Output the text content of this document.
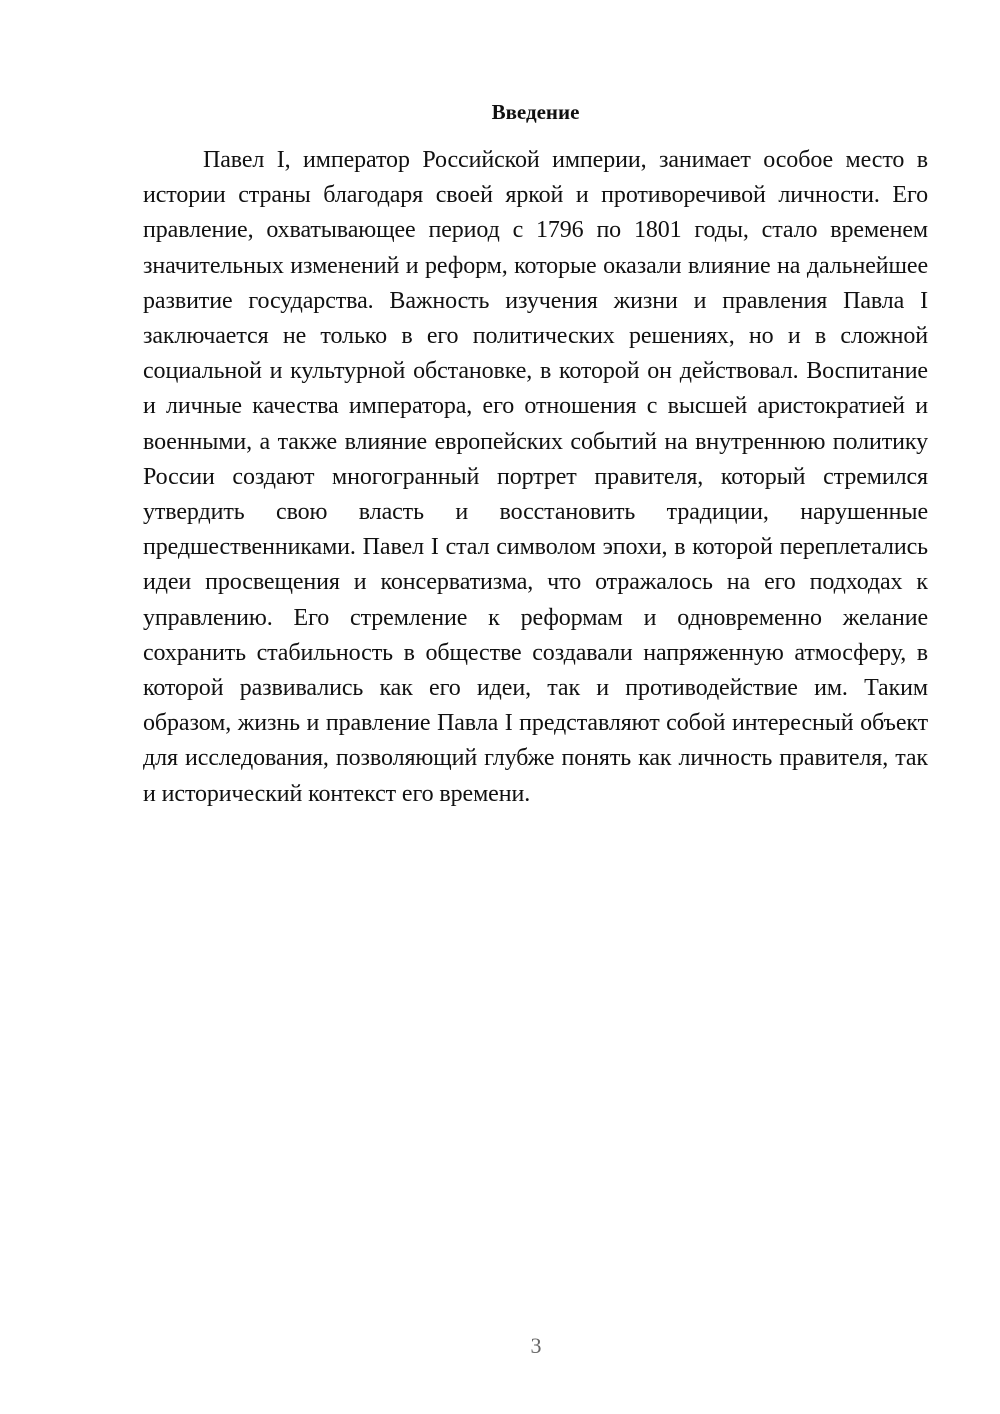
Введение

Павел I, император Российской империи, занимает особое место в истории страны благодаря своей яркой и противоречивой личности. Его правление, охватывающее период с 1796 по 1801 годы, стало временем значительных изменений и реформ, которые оказали влияние на дальнейшее развитие государства. Важность изучения жизни и правления Павла I заключается не только в его политических решениях, но и в сложной социальной и культурной обстановке, в которой он действовал. Воспитание и личные качества императора, его отношения с высшей аристократией и военными, а также влияние европейских событий на внутреннюю политику России создают многогранный портрет правителя, который стремился утвердить свою власть и восстановить традиции, нарушенные предшественниками. Павел I стал символом эпохи, в которой переплетались идеи просвещения и консерватизма, что отражалось на его подходах к управлению. Его стремление к реформам и одновременно желание сохранить стабильность в обществе создавали напряженную атмосферу, в которой развивались как его идеи, так и противодействие им. Таким образом, жизнь и правление Павла I представляют собой интересный объект для исследования, позволяющий глубже понять как личность правителя, так и исторический контекст его времени.

3
